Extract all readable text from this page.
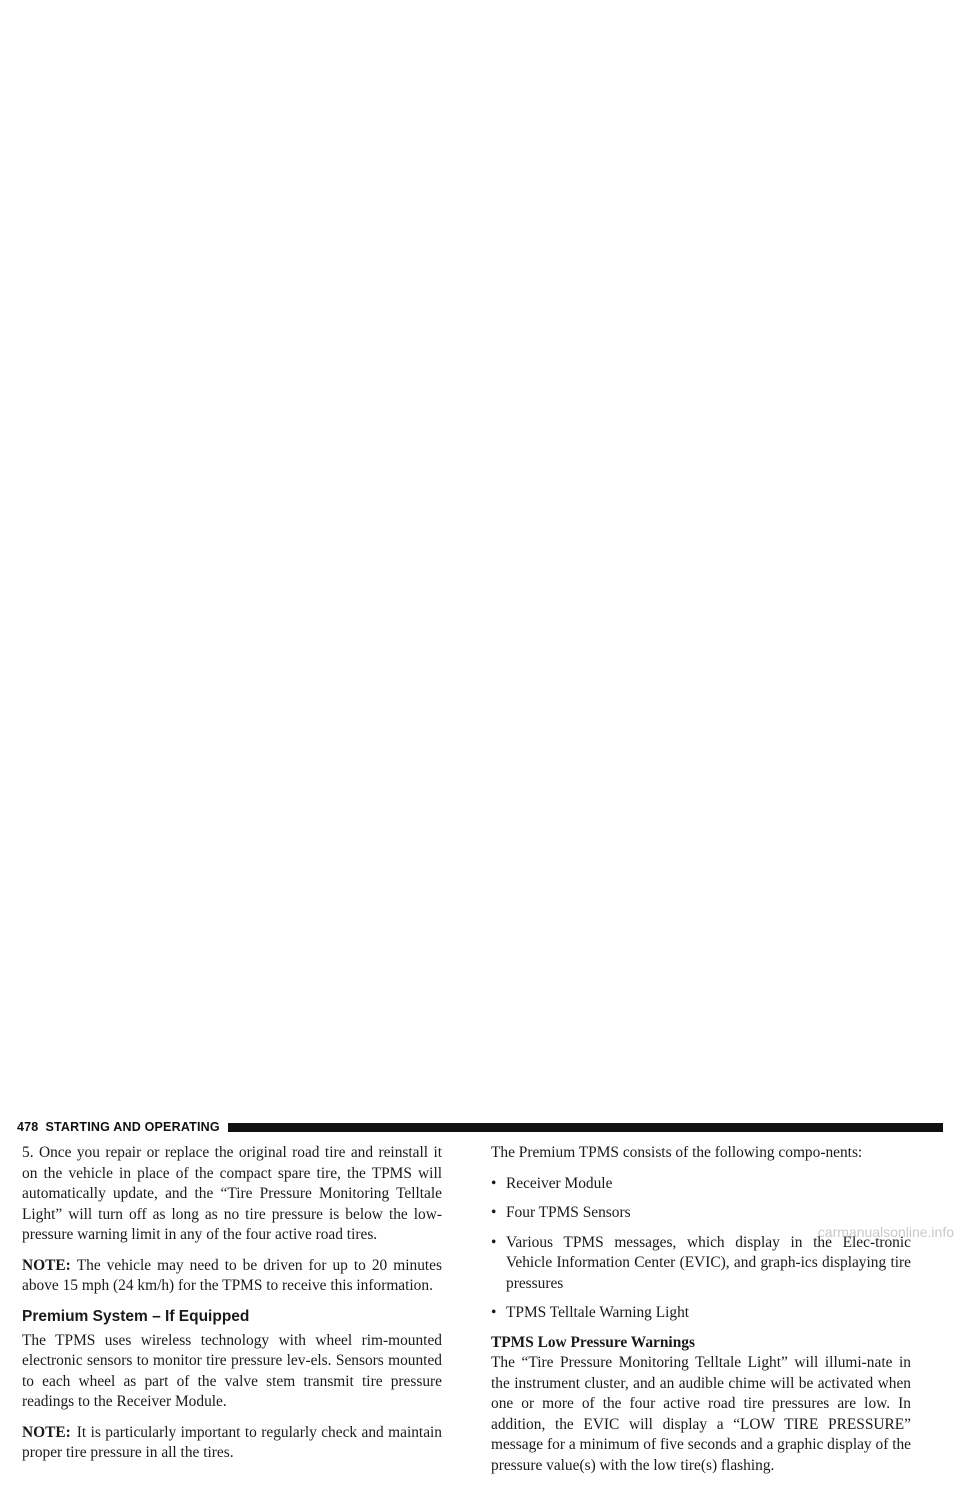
478 STARTING AND OPERATING

5. Once you repair or replace the original road tire and reinstall it on the vehicle in place of the compact spare tire, the TPMS will automatically update, and the “Tire Pressure Monitoring Telltale Light” will turn off as long as no tire pressure is below the low-pressure warning limit in any of the four active road tires.

NOTE: The vehicle may need to be driven for up to 20 minutes above 15 mph (24 km/h) for the TPMS to receive this information.

Premium System – If Equipped

The TPMS uses wireless technology with wheel rim-mounted electronic sensors to monitor tire pressure lev-els. Sensors mounted to each wheel as part of the valve stem transmit tire pressure readings to the Receiver Module.

NOTE: It is particularly important to regularly check and maintain proper tire pressure in all the tires.

The Premium TPMS consists of the following compo-nents:

• Receiver Module
• Four TPMS Sensors
• Various TPMS messages, which display in the Elec-tronic Vehicle Information Center (EVIC), and graph-ics displaying tire pressures
• TPMS Telltale Warning Light
TPMS Low Pressure Warnings

The “Tire Pressure Monitoring Telltale Light” will illumi-nate in the instrument cluster, and an audible chime will be activated when one or more of the four active road tire pressures are low. In addition, the EVIC will display a “LOW TIRE PRESSURE” message for a minimum of five seconds and a graphic display of the pressure value(s) with the low tire(s) flashing.

carmanualsonline.info
